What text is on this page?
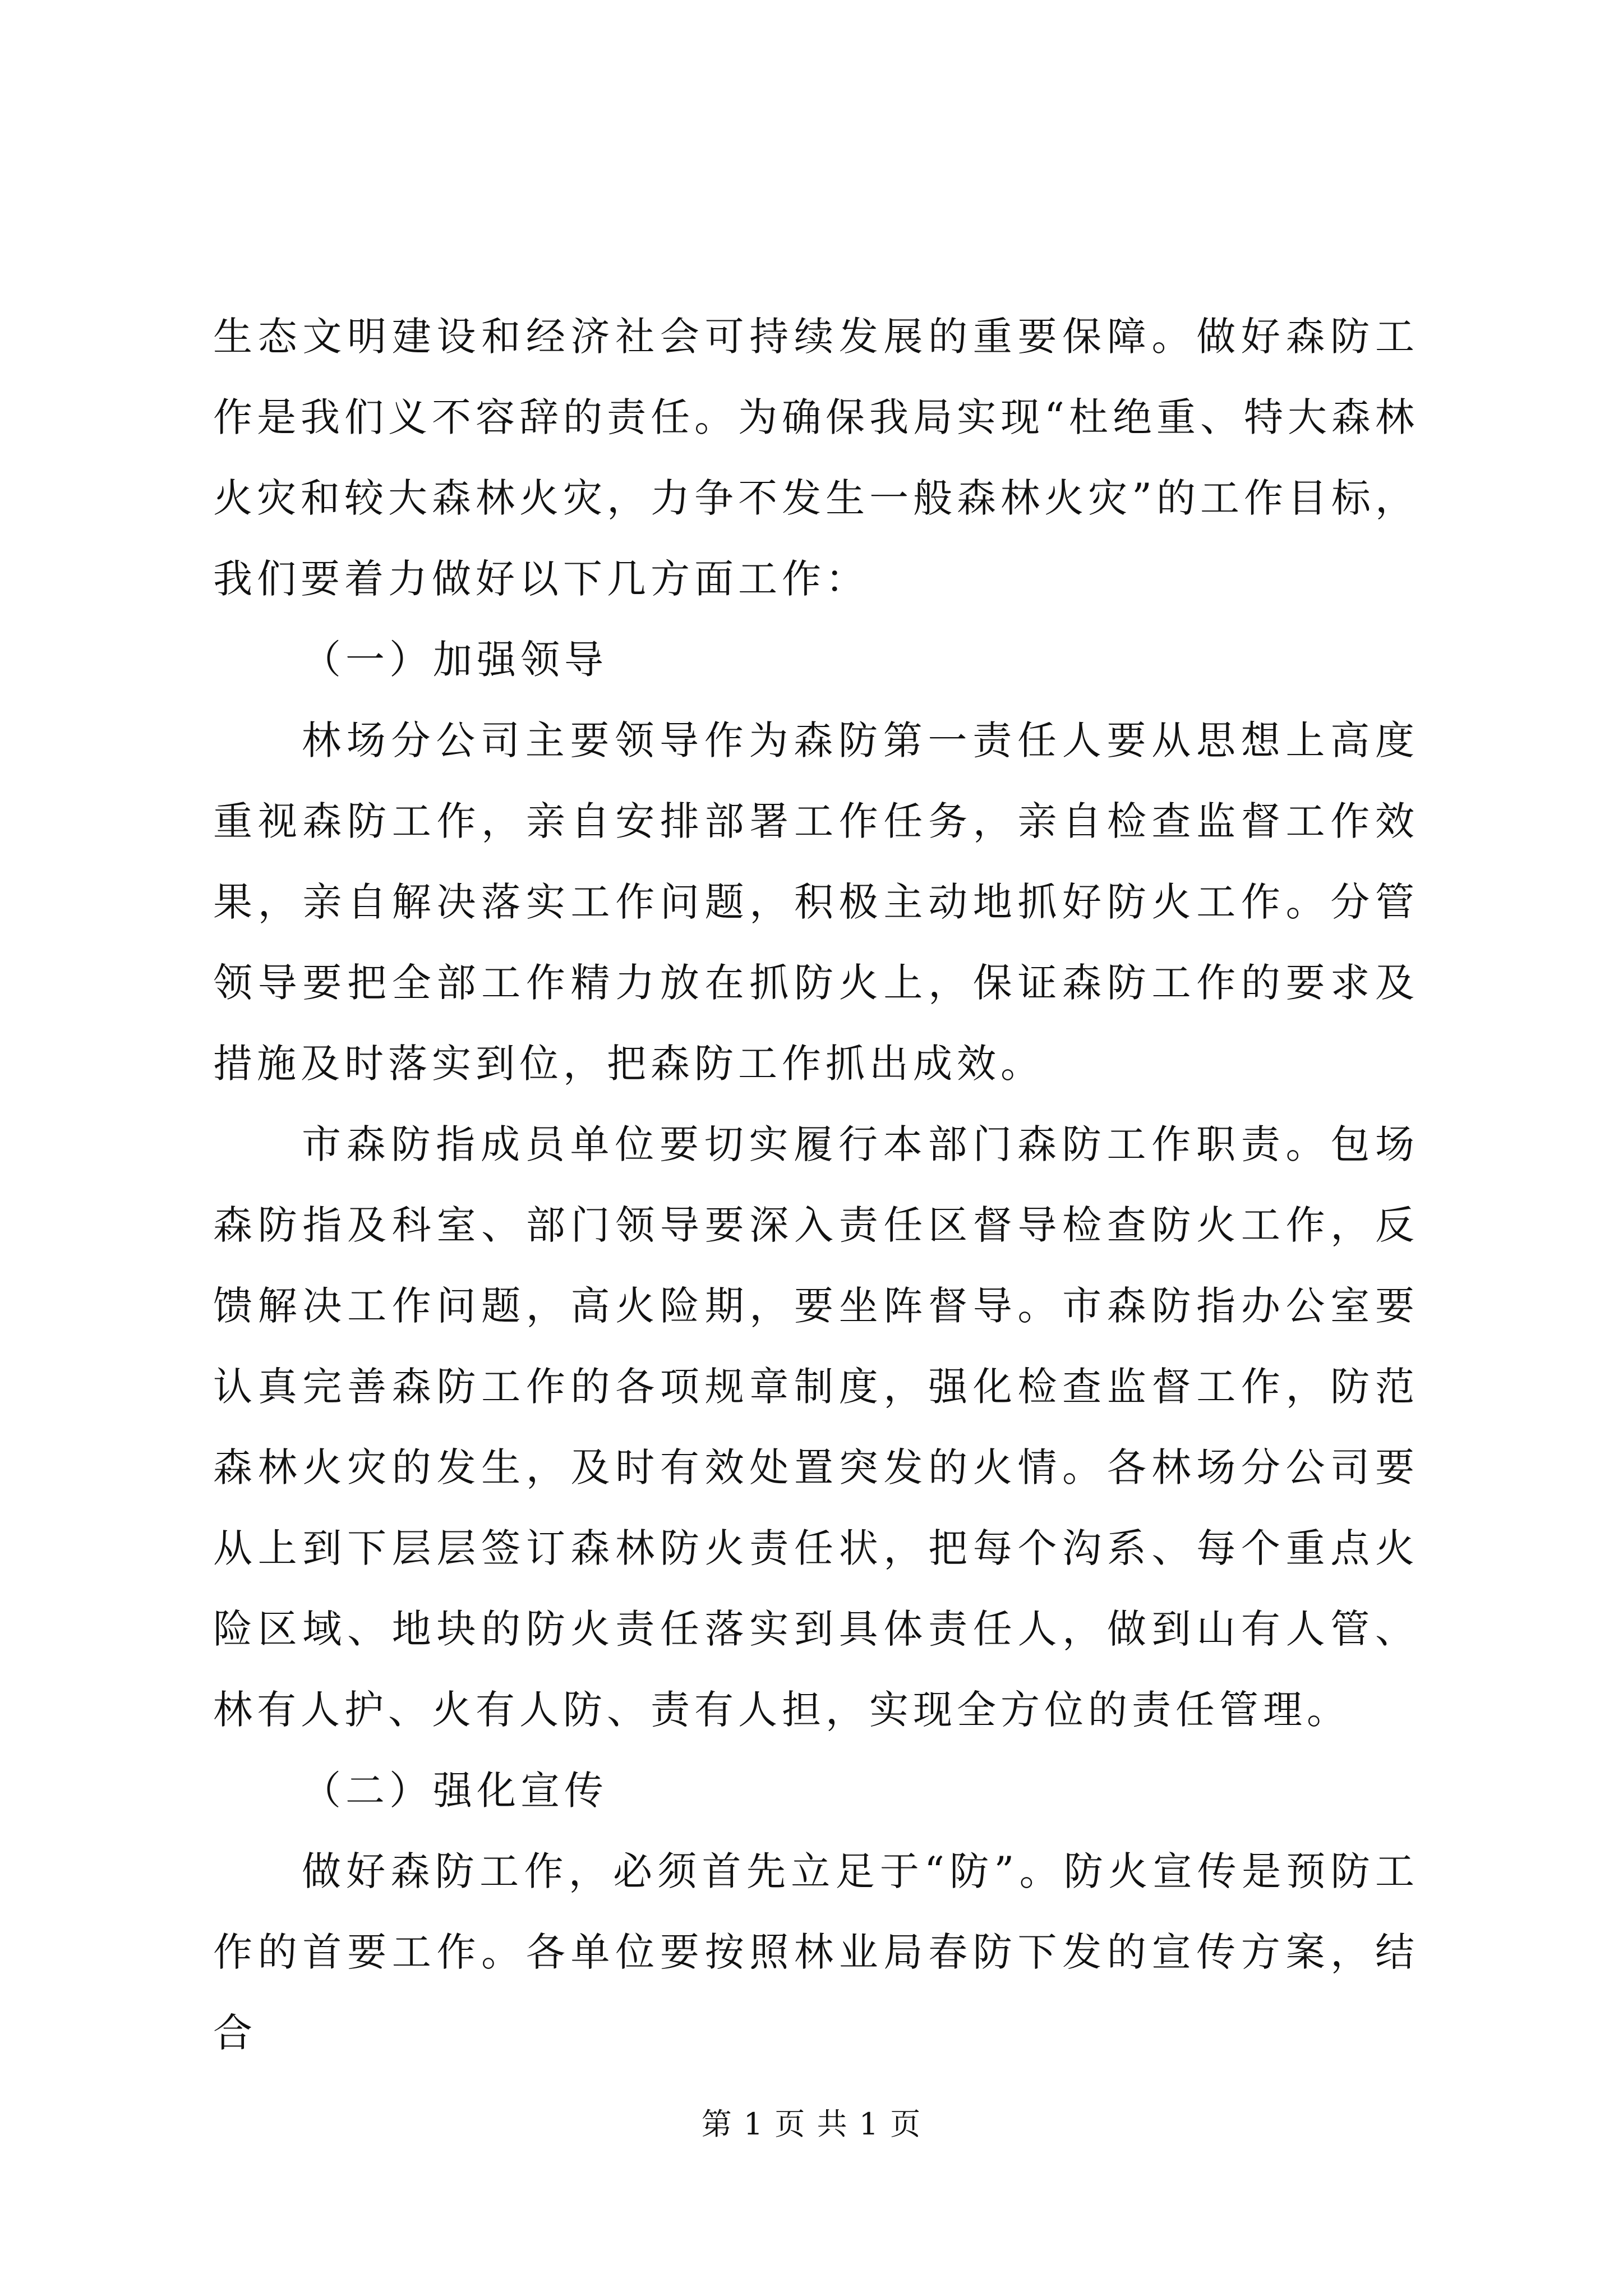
生态文明建设和经济社会可持续发展的重要保障。做好森防工作是我们义不容辞的责任。为确保我局实现“杜绝重、特大森林火灾和较大森林火灾，力争不发生一般森林火灾”的工作目标，我们要着力做好以下几方面工作：

（一）加强领导

林场分公司主要领导作为森防第一责任人要从思想上高度重视森防工作，亲自安排部署工作任务，亲自检查监督工作效果，亲自解决落实工作问题，积极主动地抓好防火工作。分管领导要把全部工作精力放在抓防火上，保证森防工作的要求及措施及时落实到位，把森防工作抓出成效。

市森防指成员单位要切实履行本部门森防工作职责。包场森防指及科室、部门领导要深入责任区督导检查防火工作，反馈解决工作问题，高火险期，要坐阵督导。市森防指办公室要认真完善森防工作的各项规章制度，强化检查监督工作，防范森林火灾的发生，及时有效处置突发的火情。各林场分公司要从上到下层层签订森林防火责任状，把每个沟系、每个重点火险区域、地块的防火责任落实到具体责任人，做到山有人管、林有人护、火有人防、责有人担，实现全方位的责任管理。

（二）强化宣传

做好森防工作，必须首先立足于“防”。防火宣传是预防工作的首要工作。各单位要按照林业局春防下发的宣传方案，结合

第 1 页 共 1 页
